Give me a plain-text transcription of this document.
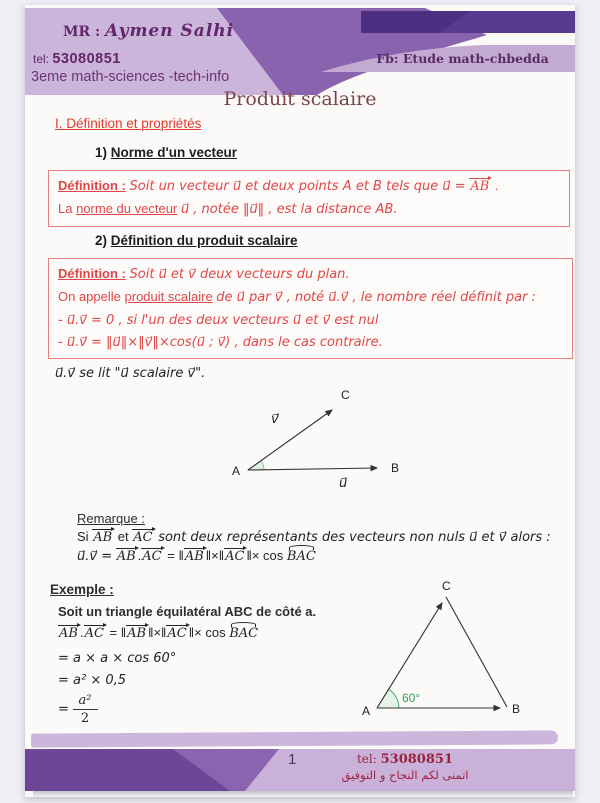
MR : Aymen Salhi
tel: 53080851
3eme math-sciences -tech-info
Fb: Etude math-chbedda
Produit scalaire
I. Définition et propriétés
1) Norme d'un vecteur
Définition : Soit un vecteur u⃗ et deux points A et B tels que u⃗ = AB .
La norme du vecteur u⃗ , notée ‖u⃗‖ , est la distance AB.
2) Définition du produit scalaire
Définition : Soit u⃗ et v⃗ deux vecteurs du plan.
On appelle produit scalaire de u⃗ par v⃗ , noté u⃗.v⃗ , le nombre réel définit par :
- u⃗.v⃗ = 0 , si l'un des deux vecteurs u⃗ et v⃗ est nul
- u⃗.v⃗ = ‖u⃗‖×‖v⃗‖×cos(u⃗ ; v⃗) , dans le cas contraire.
u⃗.v⃗ se lit "u⃗ scalaire v⃗".
A	B
C
u⃗
v⃗
Remarque :
Si AB et AC sont deux représentants des vecteurs non nuls u⃗ et v⃗ alors :
u⃗.v⃗ = AB .AC = ‖AB ‖×‖AC ‖× cos BAC
Exemple :
Soit un triangle équilatéral ABC de côté a.
AB .AC = ‖AB ‖×‖AC ‖× cos BAC
= a × a × cos 60°
= a² × 0,5
= $\frac{\text{a²}}{2}$	A	B
C
60°
1	tel: 53080851
اتمنى لكم النجاح و التوفيق
